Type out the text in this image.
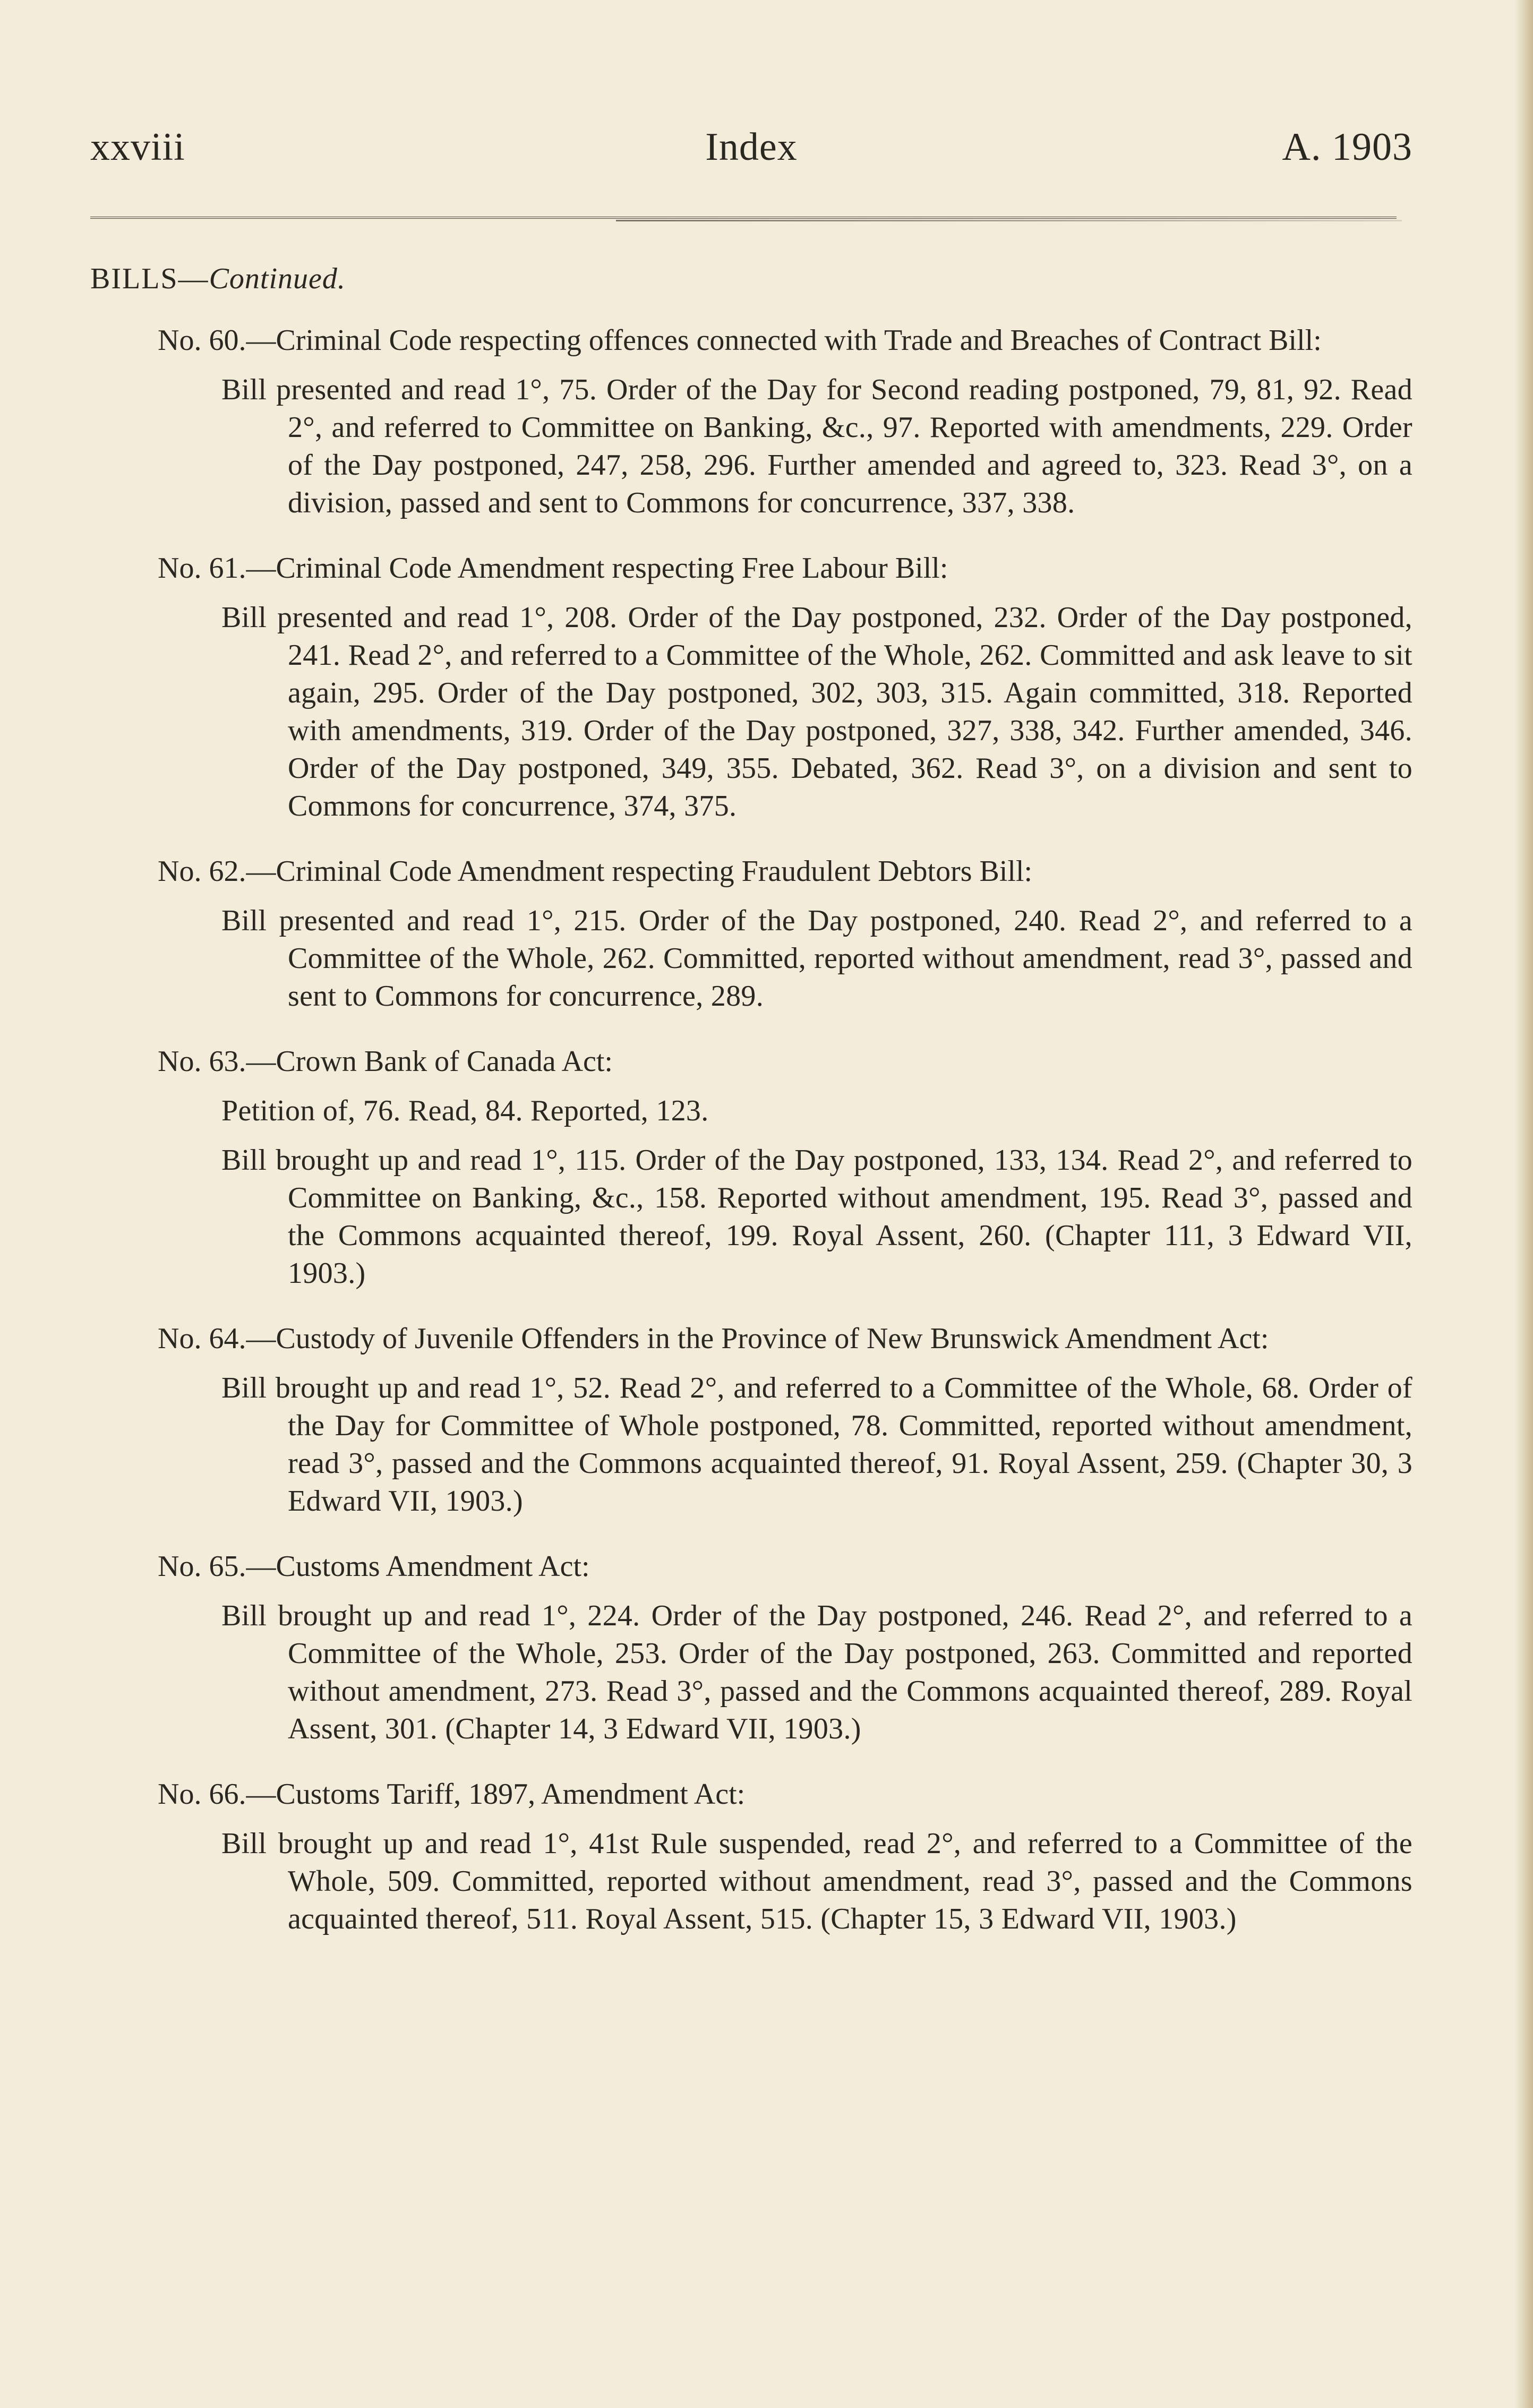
xxviii	Index	A. 1903

BILLS—Continued.

No. 60.—Criminal Code respecting offences connected with Trade and Breaches of Contract Bill:

Bill presented and read 1°, 75. Order of the Day for Second reading postponed, 79, 81, 92. Read 2°, and referred to Committee on Banking, &c., 97. Reported with amendments, 229. Order of the Day postponed, 247, 258, 296. Further amended and agreed to, 323. Read 3°, on a division, passed and sent to Commons for concurrence, 337, 338.

No. 61.—Criminal Code Amendment respecting Free Labour Bill:

Bill presented and read 1°, 208. Order of the Day postponed, 232. Order of the Day postponed, 241. Read 2°, and referred to a Committee of the Whole, 262. Committed and ask leave to sit again, 295. Order of the Day postponed, 302, 303, 315. Again committed, 318. Reported with amendments, 319. Order of the Day postponed, 327, 338, 342. Further amended, 346. Order of the Day postponed, 349, 355. Debated, 362. Read 3°, on a division and sent to Commons for concurrence, 374, 375.

No. 62.—Criminal Code Amendment respecting Fraudulent Debtors Bill:

Bill presented and read 1°, 215. Order of the Day postponed, 240. Read 2°, and referred to a Committee of the Whole, 262. Committed, reported without amendment, read 3°, passed and sent to Commons for concurrence, 289.

No. 63.—Crown Bank of Canada Act:

Petition of, 76. Read, 84. Reported, 123.

Bill brought up and read 1°, 115. Order of the Day postponed, 133, 134. Read 2°, and referred to Committee on Banking, &c., 158. Reported without amendment, 195. Read 3°, passed and the Commons acquainted thereof, 199. Royal Assent, 260. (Chapter 111, 3 Edward VII, 1903.)

No. 64.—Custody of Juvenile Offenders in the Province of New Brunswick Amendment Act:

Bill brought up and read 1°, 52. Read 2°, and referred to a Committee of the Whole, 68. Order of the Day for Committee of Whole postponed, 78. Committed, reported without amendment, read 3°, passed and the Commons acquainted thereof, 91. Royal Assent, 259. (Chapter 30, 3 Edward VII, 1903.)

No. 65.—Customs Amendment Act:

Bill brought up and read 1°, 224. Order of the Day postponed, 246. Read 2°, and referred to a Committee of the Whole, 253. Order of the Day postponed, 263. Committed and reported without amendment, 273. Read 3°, passed and the Commons acquainted thereof, 289. Royal Assent, 301. (Chapter 14, 3 Edward VII, 1903.)

No. 66.—Customs Tariff, 1897, Amendment Act:

Bill brought up and read 1°, 41st Rule suspended, read 2°, and referred to a Committee of the Whole, 509. Committed, reported without amendment, read 3°, passed and the Commons acquainted thereof, 511. Royal Assent, 515. (Chapter 15, 3 Edward VII, 1903.)
